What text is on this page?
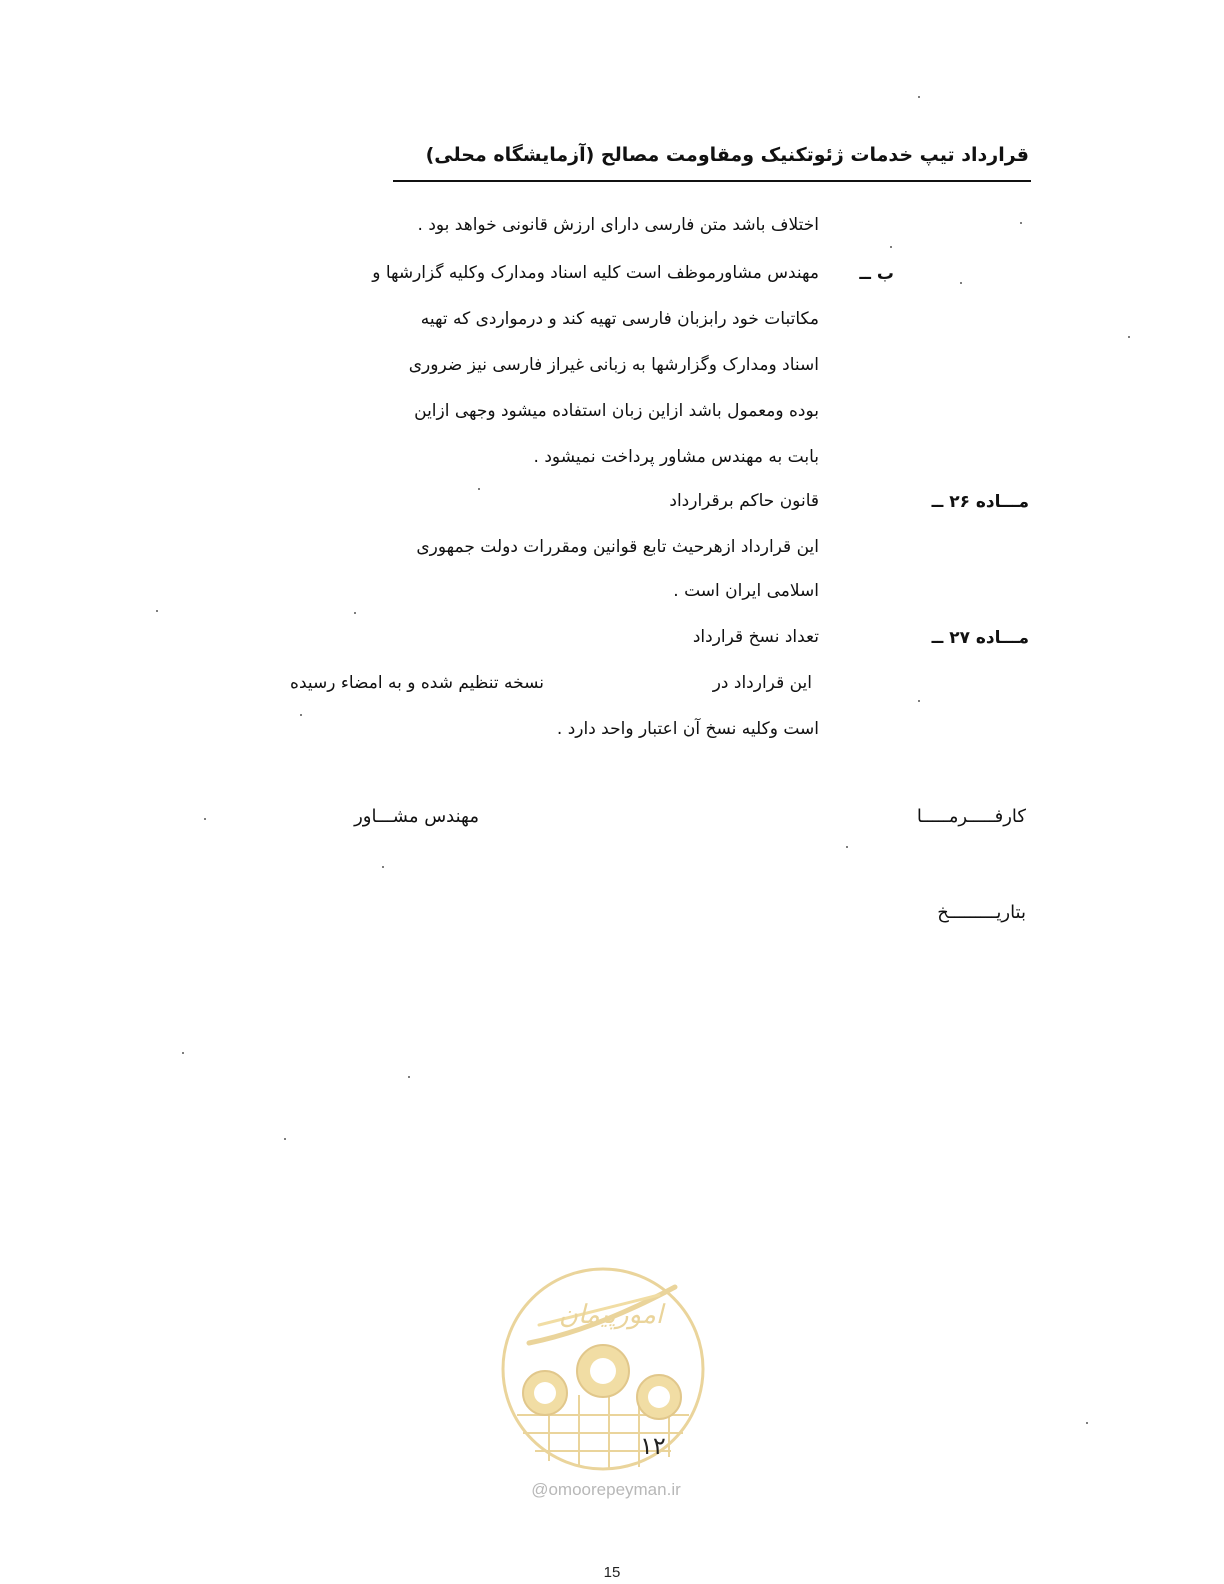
قرارداد تیپ خدمات ژئوتکنیک ومقاومت مصالح (آزمایشگاه محلی)
اختلاف باشد متن فارسی دارای ارزش قانونی خواهد بود .
مهندس مشاورموظف است کلیه اسناد ومدارک وکلیه گزارشها و
مکاتبات خود رابزبان فارسی تهیه کند و درمواردی که تهیه
اسناد ومدارک وگزارشها به زبانی غیراز فارسی نیز ضروری
بوده ومعمول باشد ازاین زبان استفاده میشود وجهی ازاین
بابت به مهندس مشاور پرداخت نمیشود .
ب ــ
مـــاده ۲۶ ــ
قانون حاکم برقرارداد
این قرارداد ازهرحیث تابع قوانین ومقررات دولت جمهوری
اسلامی ایران است .
مـــاده ۲۷ ــ
تعداد نسخ قرارداد
این قرارداد در
نسخه تنظیم شده و به امضاء رسیده
است وکلیه نسخ آن اعتبار واحد دارد .
کارفـــــرمـــــا
مهندس مشـــاور
بتاریـــــــــخ
امورپیمان
۱۲
@omoorepeyman.ir
15
